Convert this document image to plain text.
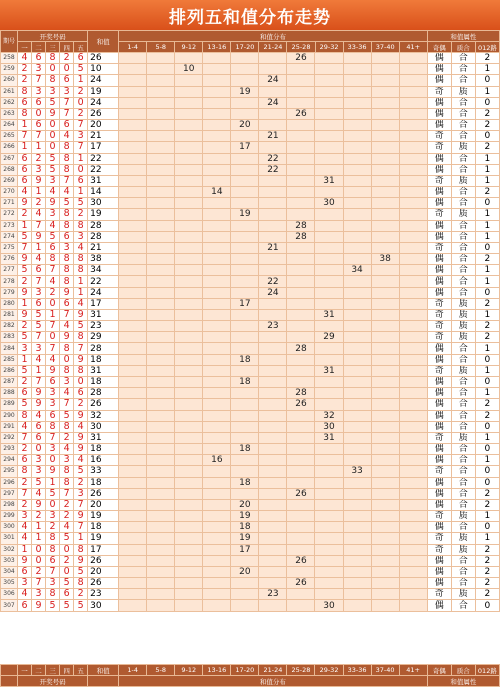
排列五和值分布走势
期号	开奖号码					和值	和值分布											和值属性		
	一	二	三	四	五		1-4	5-8	9-12	13-16	17-20	21-24	25-28	29-32	33-36	37-40	41+	奇偶	质合	012路
258	4	6	8	2	6	26							26					偶	合	2
259	2	3	0	0	5	10			10									偶	合	1
260	2	7	8	6	1	24						24						偶	合	0
261	8	3	3	3	2	19					19							奇	质	1
262	6	6	5	7	0	24						24						偶	合	0
263	8	0	9	7	2	26							26					偶	合	2
264	1	6	0	6	7	20					20							偶	合	2
265	7	7	0	4	3	21						21						奇	合	0
266	1	1	0	8	7	17					17							奇	质	2
267	6	2	5	8	1	22						22						偶	合	1
268	6	3	5	8	0	22						22						偶	合	1
269	6	9	3	7	6	31								31				奇	质	1
270	4	1	4	4	1	14				14								偶	合	2
271	9	2	9	5	5	30								30				偶	合	0
272	2	4	3	8	2	19					19							奇	质	1
273	1	7	4	8	8	28							28					偶	合	1
274	5	9	5	6	3	28							28					偶	合	1
275	7	1	6	3	4	21						21						奇	合	0
276	9	4	8	8	8	38										38		偶	合	2
277	5	6	7	8	8	34									34			偶	合	1
278	2	7	4	8	1	22						22						偶	合	1
279	9	3	2	9	1	24						24						偶	合	0
280	1	6	0	6	4	17					17							奇	质	2
281	9	5	1	7	9	31								31				奇	质	1
282	2	5	7	4	5	23						23						奇	质	2
283	5	7	0	9	8	29								29				奇	质	2
284	3	3	7	8	7	28							28					偶	合	1
285	1	4	4	0	9	18					18							偶	合	0
286	5	1	9	8	8	31								31				奇	质	1
287	2	7	6	3	0	18					18							偶	合	0
288	6	9	3	4	6	28							28					偶	合	1
289	5	9	3	7	2	26							26					偶	合	2
290	8	4	6	5	9	32								32				偶	合	2
291	4	6	8	8	4	30								30				偶	合	0
292	7	6	7	2	9	31								31				奇	质	1
293	2	0	3	4	9	18					18							偶	合	0
294	6	3	0	3	4	16				16								偶	合	1
295	8	3	9	8	5	33									33			奇	合	0
296	2	5	1	8	2	18					18							偶	合	0
297	7	4	5	7	3	26							26					偶	合	2
298	2	9	0	2	7	20					20							偶	合	2
299	3	2	3	2	9	19					19							奇	质	1
300	4	1	2	4	7	18					18							偶	合	0
301	4	1	8	5	1	19					19							奇	质	1
302	1	0	8	0	8	17					17							奇	质	2
303	9	0	6	2	9	26							26					偶	合	2
304	6	2	7	0	5	20					20							偶	合	2
305	3	7	3	5	8	26							26					偶	合	2
306	4	3	8	6	2	23						23						奇	质	2
307	6	9	5	5	5	30								30				偶	合	0
	一	二	三	四	五	和值	1-4	5-8	9-12	13-16	17-20	21-24	25-28	29-32	33-36	37-40	41+	奇偶	质合	012路
	开奖号码						和值分布											和值属性		
